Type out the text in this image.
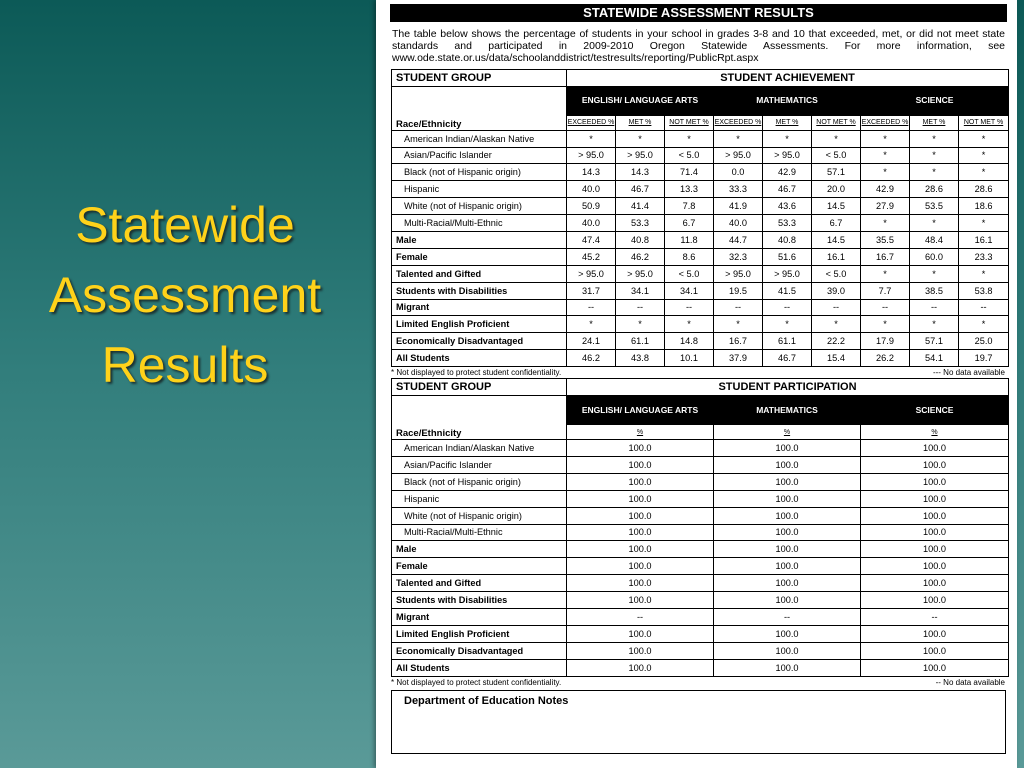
Statewide
Assessment
Results
STATEWIDE ASSESSMENT RESULTS
The table below shows the percentage of students in your school in grades 3-8 and 10 that exceeded, met, or did not meet state standards and participated in 2009-2010 Oregon Statewide Assessments. For more information, see www.ode.state.or.us/data/schoolanddistrict/testresults/reporting/PublicRpt.aspx
STUDENT GROUP	STUDENT ACHIEVEMENT								
Race/Ethnicity	ENGLISH/ LANGUAGE ARTS			MATHEMATICS			SCIENCE		
	EXCEEDED %	MET %	NOT MET %	EXCEEDED %	MET %	NOT MET %	EXCEEDED %	MET %	NOT MET %
American Indian/Alaskan Native	*	*	*	*	*	*	*	*	*
Asian/Pacific Islander	> 95.0	> 95.0	< 5.0	> 95.0	> 95.0	< 5.0	*	*	*
Black (not of Hispanic origin)	14.3	14.3	71.4	0.0	42.9	57.1	*	*	*
Hispanic	40.0	46.7	13.3	33.3	46.7	20.0	42.9	28.6	28.6
White (not of Hispanic origin)	50.9	41.4	7.8	41.9	43.6	14.5	27.9	53.5	18.6
Multi-Racial/Multi-Ethnic	40.0	53.3	6.7	40.0	53.3	6.7	*	*	*
Male	47.4	40.8	11.8	44.7	40.8	14.5	35.5	48.4	16.1
Female	45.2	46.2	8.6	32.3	51.6	16.1	16.7	60.0	23.3
Talented and Gifted	> 95.0	> 95.0	< 5.0	> 95.0	> 95.0	< 5.0	*	*	*
Students with Disabilities	31.7	34.1	34.1	19.5	41.5	39.0	7.7	38.5	53.8
Migrant	--	--	--	--	--	--	--	--	--
Limited English Proficient	*	*	*	*	*	*	*	*	*
Economically Disadvantaged	24.1	61.1	14.8	16.7	61.1	22.2	17.9	57.1	25.0
All Students	46.2	43.8	10.1	37.9	46.7	15.4	26.2	54.1	19.7
* Not displayed to protect student confidentiality.	--- No data available
STUDENT GROUP	STUDENT PARTICIPATION		
Race/Ethnicity	ENGLISH/ LANGUAGE ARTS	MATHEMATICS	SCIENCE
	%	%	%
American Indian/Alaskan Native	100.0	100.0	100.0
Asian/Pacific Islander	100.0	100.0	100.0
Black (not of Hispanic origin)	100.0	100.0	100.0
Hispanic	100.0	100.0	100.0
White (not of Hispanic origin)	100.0	100.0	100.0
Multi-Racial/Multi-Ethnic	100.0	100.0	100.0
Male	100.0	100.0	100.0
Female	100.0	100.0	100.0
Talented and Gifted	100.0	100.0	100.0
Students with Disabilities	100.0	100.0	100.0
Migrant	--	--	--
Limited English Proficient	100.0	100.0	100.0
Economically Disadvantaged	100.0	100.0	100.0
All Students	100.0	100.0	100.0
* Not displayed to protect student confidentiality.	-- No data available
Department of Education Notes
